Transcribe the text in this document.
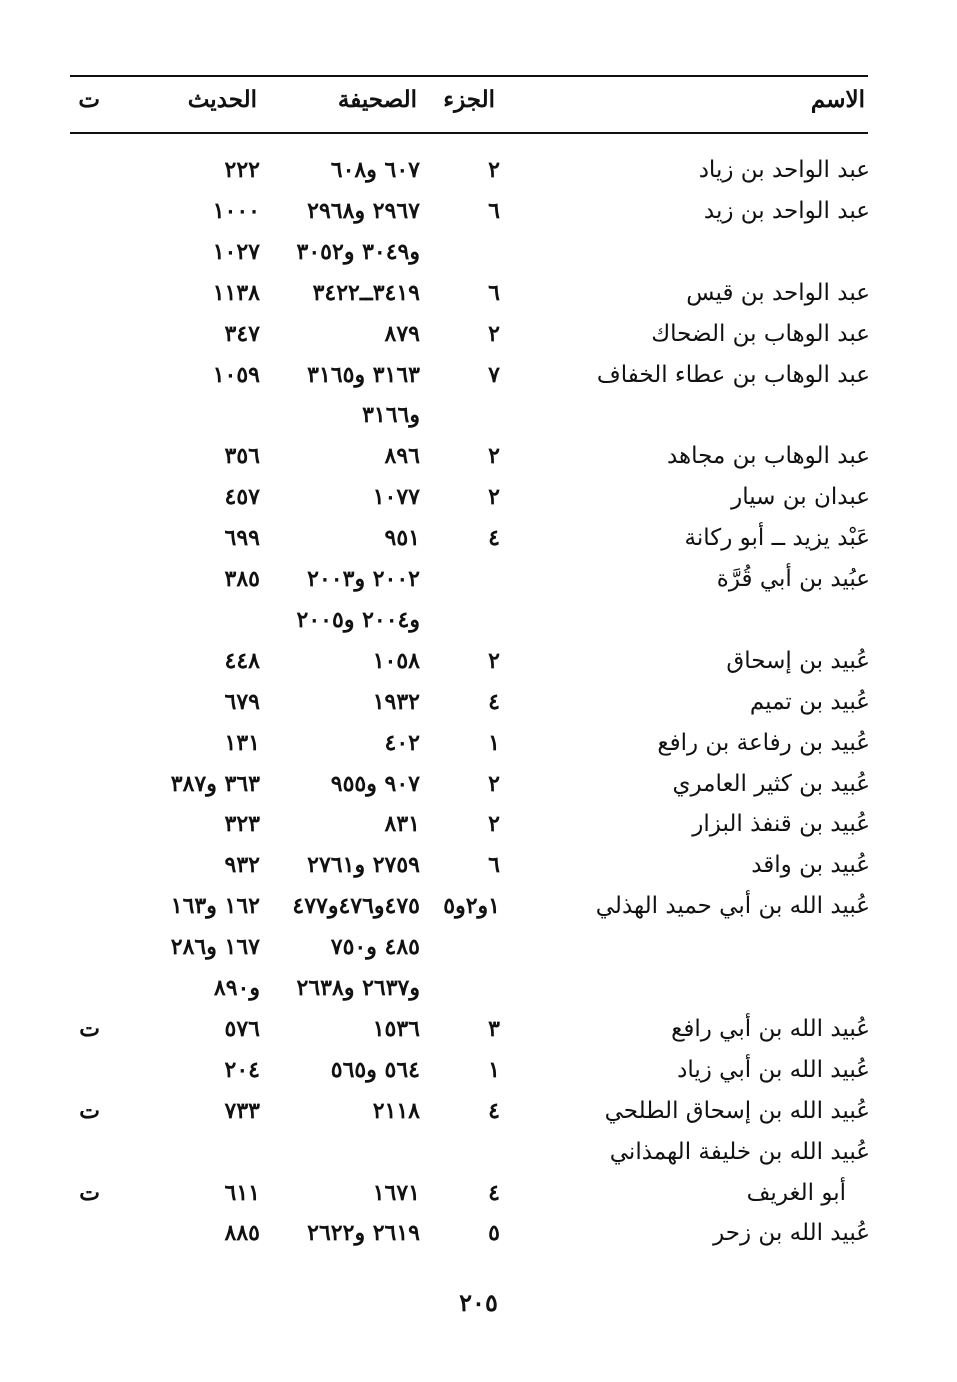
الاسم
الجزء
الصحيفة
الحديث
ت
عبد الواحد بن زياد
٢
٦٠٧ و٦٠٨
٢٢٢
عبد الواحد بن زيد
٦
٢٩٦٧ و٢٩٦٨
١٠٠٠
و٣٠٤٩ و٣٠٥٢
١٠٢٧
عبد الواحد بن قيس
٦
٣٤١٩ــ٣٤٢٢
١١٣٨
عبد الوهاب بن الضحاك
٢
٨٧٩
٣٤٧
عبد الوهاب بن عطاء الخفاف
٧
٣١٦٣ و٣١٦٥
١٠٥٩
و٣١٦٦
عبد الوهاب بن مجاهد
٢
٨٩٦
٣٥٦
عبدان بن سيار
٢
١٠٧٧
٤٥٧
عَبْد يزيد ــ أبو ركانة
٤
٩٥١
٦٩٩
عبُيد بن أبي قُرَّة
٢٠٠٢ و٢٠٠٣
٣٨٥
و٢٠٠٤ و٢٠٠٥
عُبيد بن إسحاق
٢
١٠٥٨
٤٤٨
عُبيد بن تميم
٤
١٩٣٢
٦٧٩
عُبيد بن رفاعة بن رافع
١
٤٠٢
١٣١
عُبيد بن كثير العامري
٢
٩٠٧ و٩٥٥
٣٦٣ و٣٨٧
عُبيد بن قنفذ البزار
٢
٨٣١
٣٢٣
عُبيد بن واقد
٦
٢٧٥٩ و٢٧٦١
٩٣٢
عُبيد الله بن أبي حميد الهذلي
١و٢و٥
٤٧٥و٤٧٦و٤٧٧
١٦٢ و١٦٣
٤٨٥ و٧٥٠
١٦٧ و٢٨٦
و٢٦٣٧ و٢٦٣٨
و٨٩٠
عُبيد الله بن أبي رافع
٣
١٥٣٦
٥٧٦
ت
عُبيد الله بن أبي زياد
١
٥٦٤ و٥٦٥
٢٠٤
عُبيد الله بن إسحاق الطلحي
٤
٢١١٨
٧٣٣
ت
عُبيد الله بن خليفة الهمذاني
أبو الغريف
٤
١٦٧١
٦١١
ت
عُبيد الله بن زحر
٥
٢٦١٩ و٢٦٢٢
٨٨٥
٢٠٥
